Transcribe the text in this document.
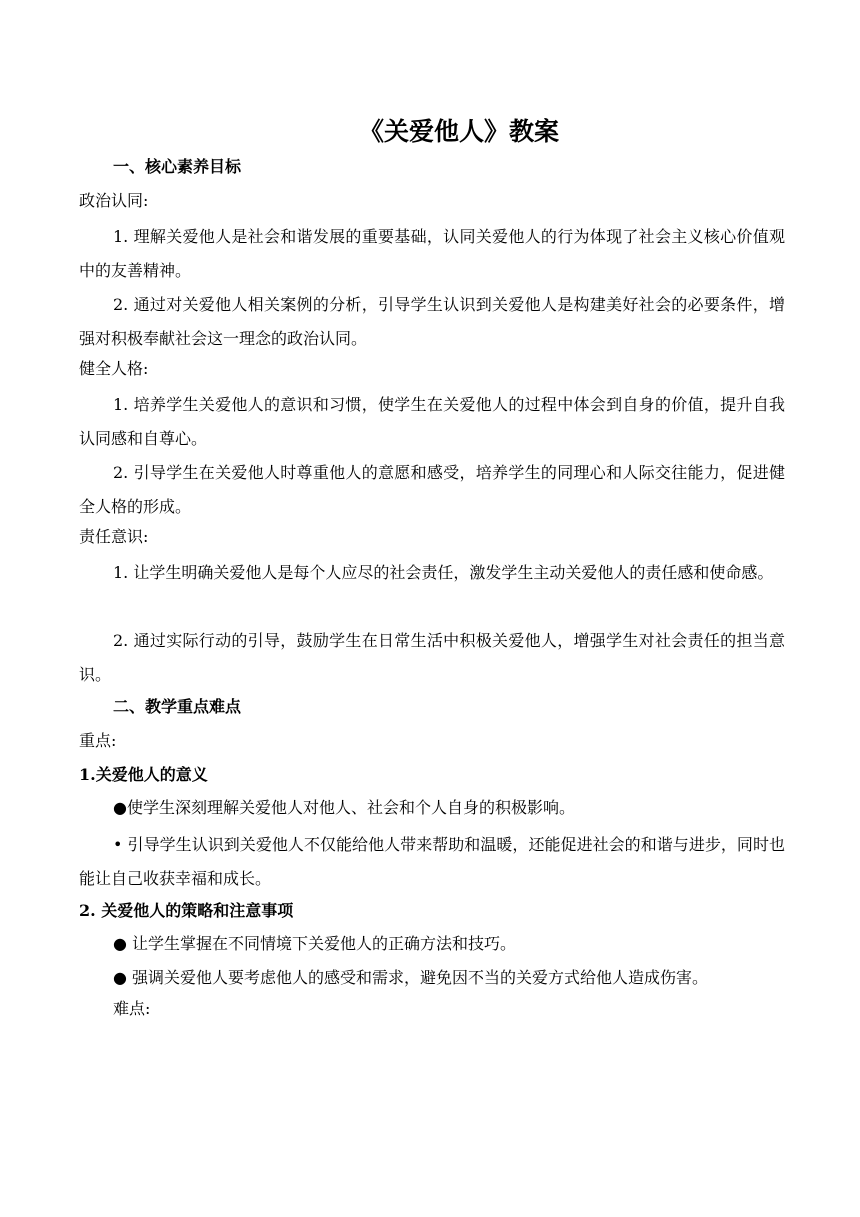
《关爱他人》教案
一、核心素养目标
政治认同:
1. 理解关爱他人是社会和谐发展的重要基础，认同关爱他人的行为体现了社会主义核心价值观中的友善精神。
2. 通过对关爱他人相关案例的分析，引导学生认识到关爱他人是构建美好社会的必要条件，增强对积极奉献社会这一理念的政治认同。
健全人格:
1. 培养学生关爱他人的意识和习惯，使学生在关爱他人的过程中体会到自身的价值，提升自我认同感和自尊心。
2. 引导学生在关爱他人时尊重他人的意愿和感受，培养学生的同理心和人际交往能力，促进健全人格的形成。
责任意识:
1. 让学生明确关爱他人是每个人应尽的社会责任，激发学生主动关爱他人的责任感和使命感。
2. 通过实际行动的引导，鼓励学生在日常生活中积极关爱他人，增强学生对社会责任的担当意识。
二、教学重点难点
重点:
1.关爱他人的意义
●使学生深刻理解关爱他人对他人、社会和个人自身的积极影响。
• 引导学生认识到关爱他人不仅能给他人带来帮助和温暖，还能促进社会的和谐与进步，同时也能让自己收获幸福和成长。
2. 关爱他人的策略和注意事项
● 让学生掌握在不同情境下关爱他人的正确方法和技巧。
● 强调关爱他人要考虑他人的感受和需求，避免因不当的关爱方式给他人造成伤害。
难点:
